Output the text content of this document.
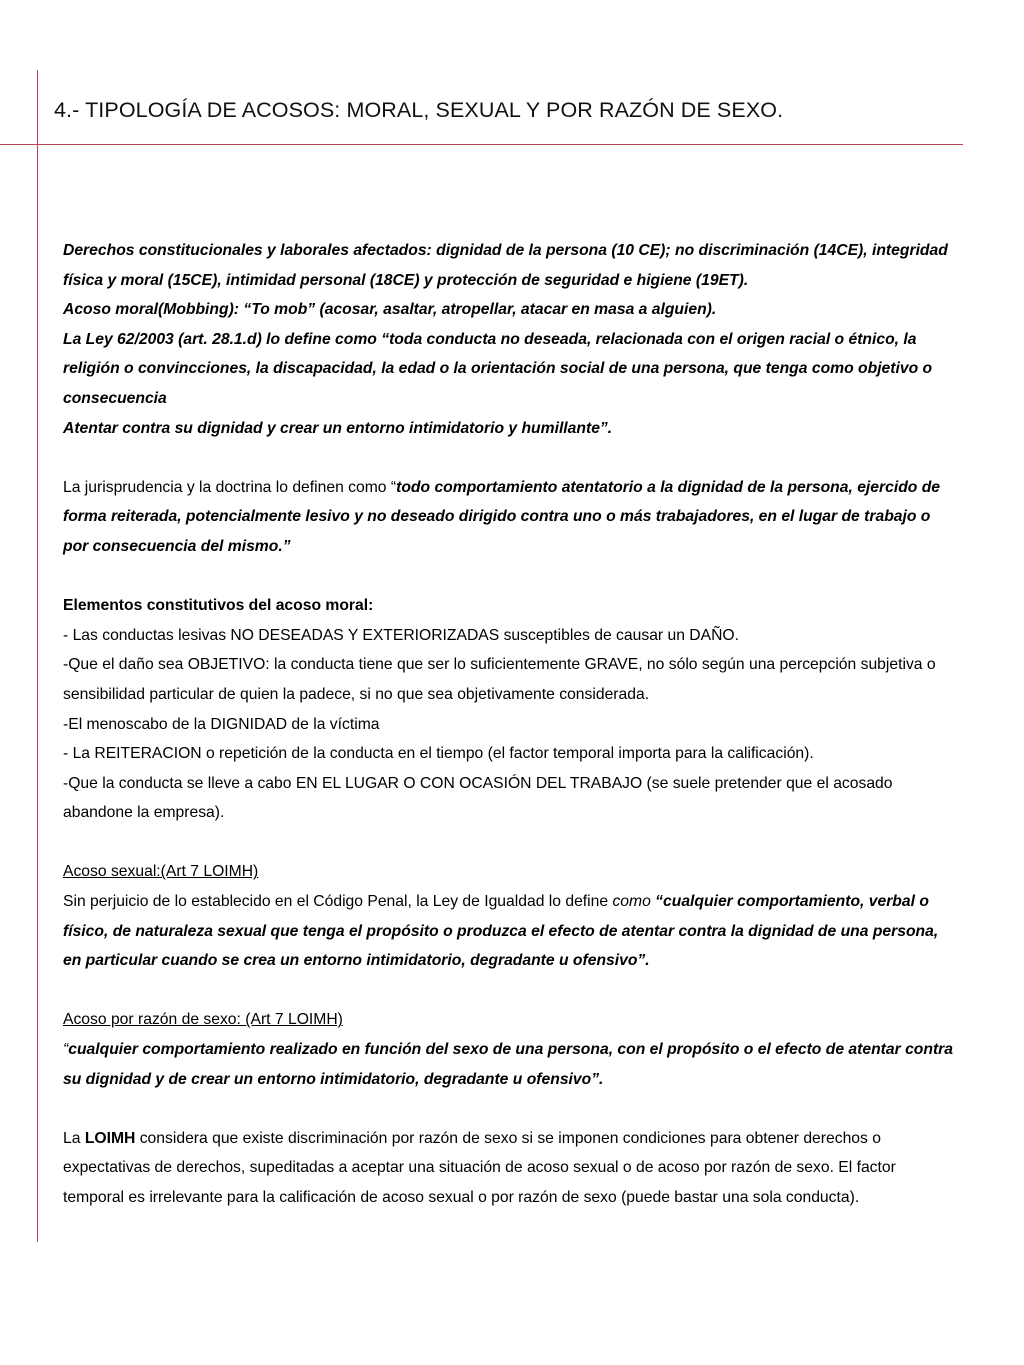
4.- TIPOLOGÍA DE ACOSOS: MORAL, SEXUAL Y POR RAZÓN DE SEXO.

Derechos constitucionales y laborales afectados: dignidad de la persona (10 CE); no discriminación (14CE), integridad física y moral (15CE), intimidad personal (18CE) y protección de seguridad e higiene (19ET).

Acoso moral(Mobbing): “To mob” (acosar, asaltar, atropellar, atacar en masa a alguien).

La Ley 62/2003 (art. 28.1.d) lo define como “toda conducta no deseada, relacionada con el origen racial o étnico, la religión o convincciones, la discapacidad, la edad o la orientación social de una persona, que tenga como objetivo o consecuencia

Atentar contra su dignidad y crear un entorno intimidatorio y humillante”.

La jurisprudencia y la doctrina lo definen como “todo comportamiento atentatorio a la dignidad de la persona, ejercido de forma reiterada, potencialmente lesivo y no deseado dirigido contra uno o más trabajadores, en el lugar de trabajo o por consecuencia del mismo.”

Elementos constitutivos del acoso moral:

- Las conductas lesivas NO DESEADAS Y EXTERIORIZADAS susceptibles de causar un DAÑO.

-Que el daño sea OBJETIVO: la conducta tiene que ser lo suficientemente GRAVE, no sólo según una percepción subjetiva o sensibilidad particular de quien la padece, si no que sea objetivamente considerada.

-El menoscabo de la DIGNIDAD de la víctima

- La REITERACION o repetición de la conducta en el tiempo (el factor temporal importa para la calificación).

-Que la conducta se lleve a cabo EN EL LUGAR O CON OCASIÓN DEL TRABAJO (se suele pretender que el acosado abandone la empresa).

Acoso sexual:(Art 7 LOIMH)

Sin perjuicio de lo establecido en el Código Penal, la Ley de Igualdad lo define como “cualquier comportamiento, verbal o físico, de naturaleza sexual que tenga el propósito o produzca el efecto de atentar contra la dignidad de una persona, en particular cuando se crea un entorno intimidatorio, degradante u ofensivo”.

Acoso por razón de sexo: (Art 7 LOIMH)

“cualquier comportamiento realizado en función del sexo de una persona, con el propósito o el efecto de atentar contra su dignidad y de crear un entorno intimidatorio, degradante u ofensivo”.

La LOIMH considera que existe discriminación por razón de sexo si se imponen condiciones para obtener derechos o expectativas de derechos, supeditadas a aceptar una situación de acoso sexual o de acoso por razón de sexo. El factor temporal es irrelevante para la calificación de acoso sexual o por razón de sexo (puede bastar una sola conducta).
